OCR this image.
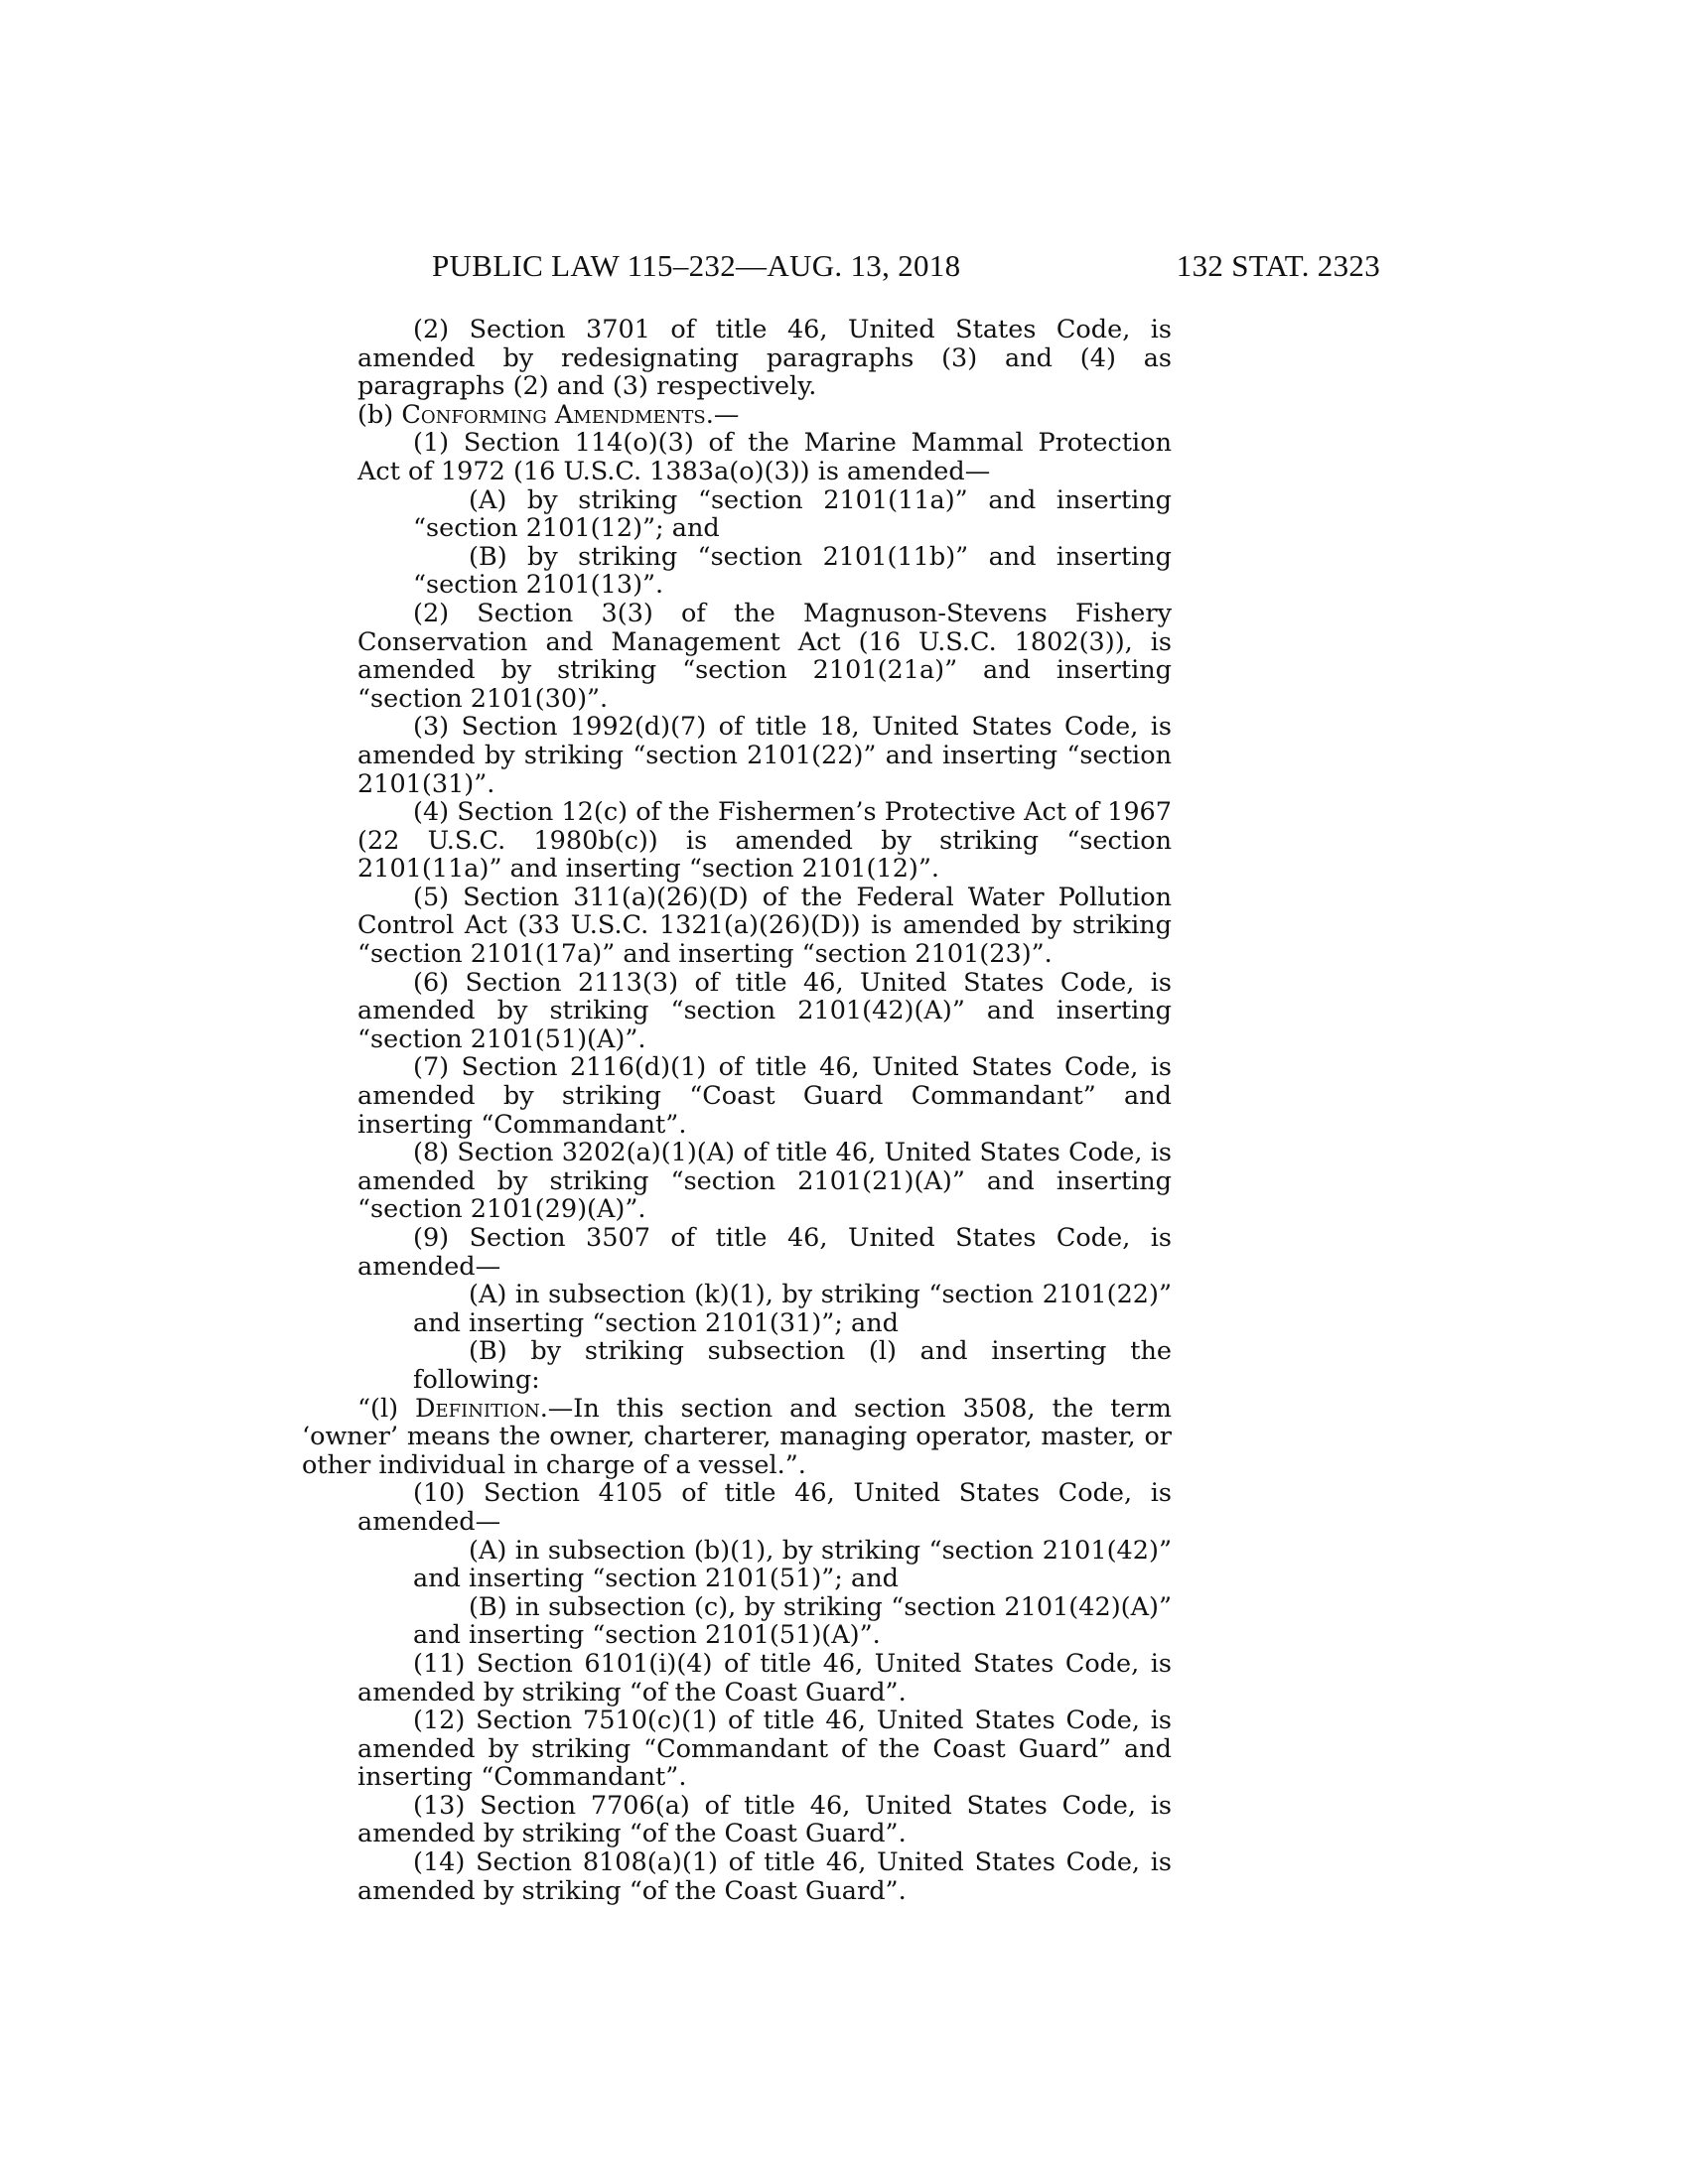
PUBLIC LAW 115–232—AUG. 13, 2018	132 STAT. 2323

(2) Section 3701 of title 46, United States Code, is amended by redesignating paragraphs (3) and (4) as paragraphs (2) and (3) respectively.

(b) Conforming Amendments.—

(1) Section 114(o)(3) of the Marine Mammal Protection Act of 1972 (16 U.S.C. 1383a(o)(3)) is amended—

(A) by striking “section 2101(11a)” and inserting “section 2101(12)”; and

(B) by striking “section 2101(11b)” and inserting “section 2101(13)”.

(2) Section 3(3) of the Magnuson-Stevens Fishery Conservation and Management Act (16 U.S.C. 1802(3)), is amended by striking “section 2101(21a)” and inserting “section 2101(30)”.

(3) Section 1992(d)(7) of title 18, United States Code, is amended by striking “section 2101(22)” and inserting “section 2101(31)”.

(4) Section 12(c) of the Fishermen’s Protective Act of 1967 (22 U.S.C. 1980b(c)) is amended by striking “section 2101(11a)” and inserting “section 2101(12)”.

(5) Section 311(a)(26)(D) of the Federal Water Pollution Control Act (33 U.S.C. 1321(a)(26)(D)) is amended by striking “section 2101(17a)” and inserting “section 2101(23)”.

(6) Section 2113(3) of title 46, United States Code, is amended by striking “section 2101(42)(A)” and inserting “section 2101(51)(A)”.

(7) Section 2116(d)(1) of title 46, United States Code, is amended by striking “Coast Guard Commandant” and inserting “Commandant”.

(8) Section 3202(a)(1)(A) of title 46, United States Code, is amended by striking “section 2101(21)(A)” and inserting “section 2101(29)(A)”.

(9) Section 3507 of title 46, United States Code, is amended—

(A) in subsection (k)(1), by striking “section 2101(22)” and inserting “section 2101(31)”; and

(B) by striking subsection (l) and inserting the following:

“(l) Definition.—In this section and section 3508, the term ‘owner’ means the owner, charterer, managing operator, master, or other individual in charge of a vessel.”.

(10) Section 4105 of title 46, United States Code, is amended—

(A) in subsection (b)(1), by striking “section 2101(42)” and inserting “section 2101(51)”; and

(B) in subsection (c), by striking “section 2101(42)(A)” and inserting “section 2101(51)(A)”.

(11) Section 6101(i)(4) of title 46, United States Code, is amended by striking “of the Coast Guard”.

(12) Section 7510(c)(1) of title 46, United States Code, is amended by striking “Commandant of the Coast Guard” and inserting “Commandant”.

(13) Section 7706(a) of title 46, United States Code, is amended by striking “of the Coast Guard”.

(14) Section 8108(a)(1) of title 46, United States Code, is amended by striking “of the Coast Guard”.
